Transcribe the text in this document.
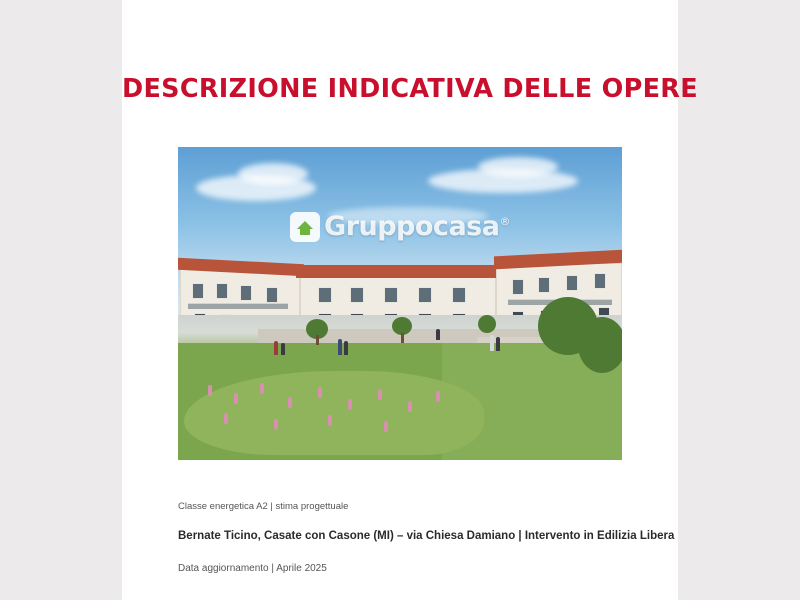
DESCRIZIONE INDICATIVA DELLE OPERE
Gruppocasa®
Classe energetica A2 | stima progettuale
Bernate Ticino, Casate con Casone (MI) – via Chiesa Damiano | Intervento in Edilizia Libera
Data aggiornamento | Aprile 2025
